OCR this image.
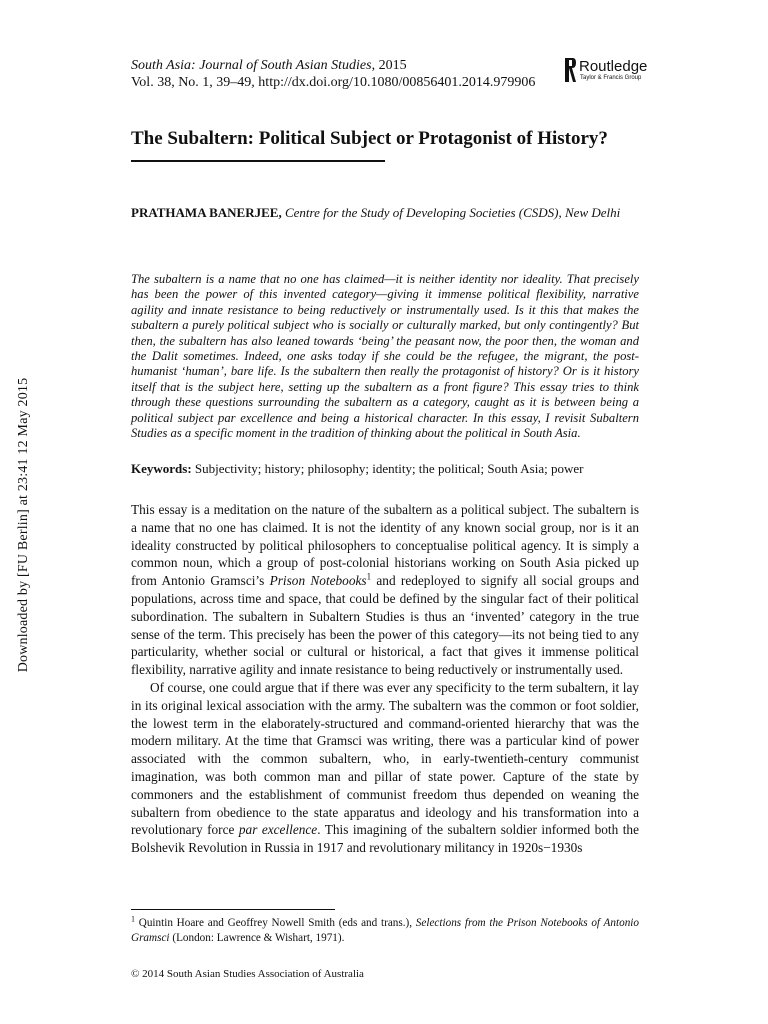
Downloaded by [FU Berlin] at 23:41 12 May 2015
South Asia: Journal of South Asian Studies, 2015
Vol. 38, No. 1, 39–49, http://dx.doi.org/10.1080/00856401.2014.979906
Routledge
Taylor & Francis Group
The Subaltern: Political Subject or Protagonist of History?
PRATHAMA BANERJEE, Centre for the Study of Developing Societies (CSDS), New Delhi
The subaltern is a name that no one has claimed—it is neither identity nor ideality. That precisely has been the power of this invented category—giving it immense political flexibility, narrative agility and innate resistance to being reductively or instrumentally used. Is it this that makes the subaltern a purely political subject who is socially or culturally marked, but only contingently? But then, the subaltern has also leaned towards ‘being’ the peasant now, the poor then, the woman and the Dalit sometimes. Indeed, one asks today if she could be the refugee, the migrant, the post-humanist ‘human’, bare life. Is the subaltern then really the protagonist of history? Or is it history itself that is the subject here, setting up the subaltern as a front figure? This essay tries to think through these questions surrounding the subaltern as a category, caught as it is between being a political subject par excellence and being a historical character. In this essay, I revisit Subaltern Studies as a specific moment in the tradition of thinking about the political in South Asia.
Keywords: Subjectivity; history; philosophy; identity; the political; South Asia; power

This essay is a meditation on the nature of the subaltern as a political subject. The subaltern is a name that no one has claimed. It is not the identity of any known social group, nor is it an ideality constructed by political philosophers to conceptualise political agency. It is simply a common noun, which a group of post-colonial historians working on South Asia picked up from Antonio Gramsci’s Prison Notebooks$^1$ and redeployed to signify all social groups and populations, across time and space, that could be defined by the singular fact of their political subordination. The subaltern in Subaltern Studies is thus an ‘invented’ category in the true sense of the term. This precisely has been the power of this category—its not being tied to any particularity, whether social or cultural or historical, a fact that gives it immense political flexibility, narrative agility and innate resistance to being reductively or instrumentally used.

Of course, one could argue that if there was ever any specificity to the term subaltern, it lay in its original lexical association with the army. The subaltern was the common or foot soldier, the lowest term in the elaborately-structured and command-oriented hierarchy that was the modern military. At the time that Gramsci was writing, there was a particular kind of power associated with the common subaltern, who, in early-twentieth-century communist imagination, was both common man and pillar of state power. Capture of the state by commoners and the establishment of communist freedom thus depended on weaning the subaltern from obedience to the state apparatus and ideology and his transformation into a revolutionary force par excellence. This imagining of the subaltern soldier informed both the Bolshevik Revolution in Russia in 1917 and revolutionary militancy in 1920s−1930s

$^1$ Quintin Hoare and Geoffrey Nowell Smith (eds and trans.), Selections from the Prison Notebooks of Antonio Gramsci (London: Lawrence & Wishart, 1971).
© 2014 South Asian Studies Association of Australia
